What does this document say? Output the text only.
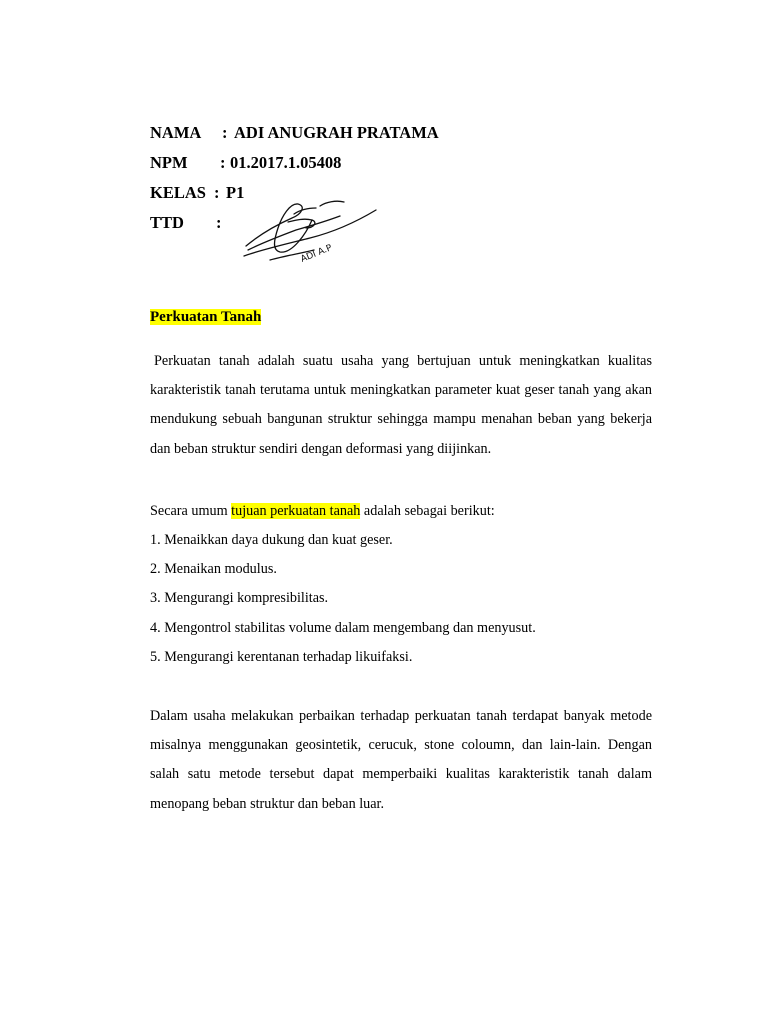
NAMA : ADI ANUGRAH PRATAMA
NPM : 01.2017.1.05408
KELAS : P1
TTD :
ADI A.P
Perkuatan Tanah
Perkuatan tanah adalah suatu usaha yang bertujuan untuk meningkatkan kualitas karakteristik tanah terutama untuk meningkatkan parameter kuat geser tanah yang akan mendukung sebuah bangunan struktur sehingga mampu menahan beban yang bekerja dan beban struktur sendiri dengan deformasi yang diijinkan.
Secara umum tujuan perkuatan tanah adalah sebagai berikut:
1. Menaikkan daya dukung dan kuat geser.
2. Menaikan modulus.
3. Mengurangi kompresibilitas.
4. Mengontrol stabilitas volume dalam mengembang dan menyusut.
5. Mengurangi kerentanan terhadap likuifaksi.
Dalam usaha melakukan perbaikan terhadap perkuatan tanah terdapat banyak metode misalnya menggunakan geosintetik, cerucuk, stone coloumn, dan lain-lain. Dengan salah satu metode tersebut dapat memperbaiki kualitas karakteristik tanah dalam menopang beban struktur dan beban luar.
